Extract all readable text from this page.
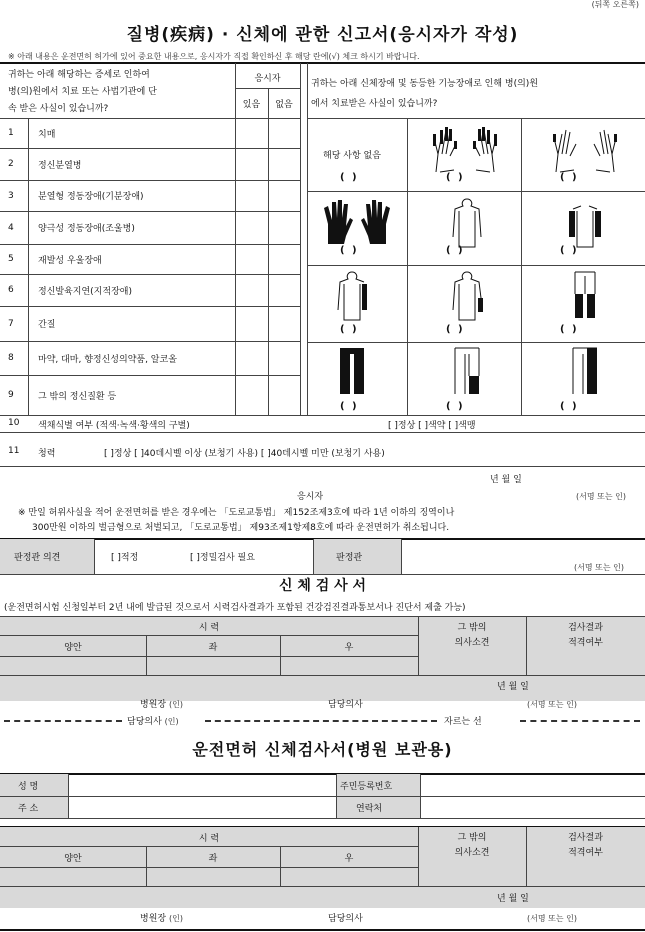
(뒤쪽 오른쪽)
질병(疾病) · 신체에 관한 신고서(응시자가 작성)
※ 아래 내용은 운전면허 허가에 있어 중요한 내용으로, 응시자가 직접 확인하신 후 해당 란에(√) 체크 하시기 바랍니다.
귀하는 아래 해당하는 증세로 인하여
병(의)원에서 치료 또는 사법기관에 단
속 받은 사실이 있습니까?
응시자
있음	없음
1	치매
2	정신분열병
3	분열형 정동장애(기분장애)
4	양극성 정동장애(조울병)
5	재발성 우울장애
6	정신발육지연(지적장애)
7	간질
8	마약, 대마, 향정신성의약품, 알코올
9	그 밖의 정신질환 등
귀하는 아래 신체장애 및 동등한 기능장애로 인해 병(의)원
에서 치료받은 사실이 있습니까?
해당 사항 없음
( )	( )	( )
( )	( )	( )
( )	( )	( )
( )	( )	( )
10 색채식별 여부 (적색·녹색·황색의 구별)	[ ]정상 [ ]색약 [ ]색맹
11 청력	[ ]정상 [ ]40데시벨 이상 (보청기 사용) [ ]40데시벨 미만 (보청기 사용)
년 월 일
응시자	(서명 또는 인)
※ 만일 허위사실을 적어 운전면허를 받은 경우에는 「도로교통법」 제152조제3호에 따라 1년 이하의 징역이나
300만원 이하의 벌금형으로 처벌되고, 「도로교통법」 제93조제1항제8호에 따라 운전면허가 취소됩니다.
판정관 의견	[ ]적정	[ ]정밀검사 필요	판정관
(서명 또는 인)
신 체 검 사 서
(운전면허시험 신청일부터 2년 내에 발급된 것으로서 시력검사결과가 포함된 건강검진결과통보서나 진단서 제출 가능)
시 력
양안	좌	우
그 밖의
의사소견
검사결과
적격여부
년 월 일
병원장 (인)	담당의사	(서명 또는 인)
담당의사 (인)	자르는 선
운전면허 신체검사서(병원 보관용)
성 명	주민등록번호
주 소	연락처
시 력
양안	좌	우
그 밖의
의사소견
검사결과
적격여부
년 월 일
병원장 (인)	담당의사	(서명 또는 인)
